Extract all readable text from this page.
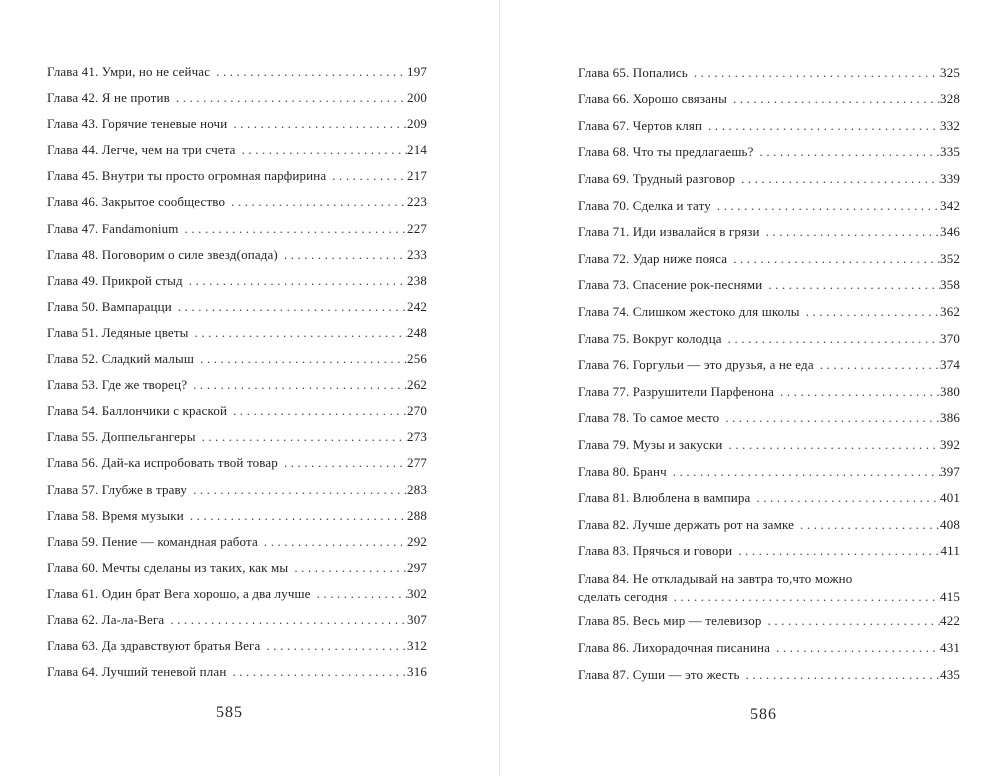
Глава 41. Умри, но не сейчас . . .	197
Глава 42. Я не против . . .	200
Глава 43. Горячие теневые ночи . . .	209
Глава 44. Легче, чем на три счета . . .	214
Глава 45. Внутри ты просто огромная парфирина . . .	217
Глава 46. Закрытое сообщество . . .	223
Глава 47. Fandamonium . . .	227
Глава 48. Поговорим о силе звезд(опада) . . .	233
Глава 49. Прикрой стыд . . .	238
Глава 50. Вампарацци . . .	242
Глава 51. Ледяные цветы . . .	248
Глава 52. Сладкий малыш . . .	256
Глава 53. Где же творец? . . .	262
Глава 54. Баллончики с краской . . .	270
Глава 55. Доппельгангеры . . .	273
Глава 56. Дай-ка испробовать твой товар . . .	277
Глава 57. Глубже в траву . . .	283
Глава 58. Время музыки . . .	288
Глава 59. Пение — командная работа . . .	292
Глава 60. Мечты сделаны из таких, как мы . . .	297
Глава 61. Один брат Вега хорошо, а два лучше . . .	302
Глава 62. Ла-ла-Вега . . .	307
Глава 63. Да здравствуют братья Вега . . .	312
Глава 64. Лучший теневой план . . .	316
585
Глава 65. Попались . . .	325
Глава 66. Хорошо связаны . . .	328
Глава 67. Чертов кляп . . .	332
Глава 68. Что ты предлагаешь? . . .	335
Глава 69. Трудный разговор . . .	339
Глава 70. Сделка и тату . . .	342
Глава 71. Иди извалайся в грязи . . .	346
Глава 72. Удар ниже пояса . . .	352
Глава 73. Спасение рок-песнями . . .	358
Глава 74. Слишком жестоко для школы . . .	362
Глава 75. Вокруг колодца . . .	370
Глава 76. Горгульи — это друзья, а не еда . . .	374
Глава 77. Разрушители Парфенона . . .	380
Глава 78. То самое место . . .	386
Глава 79. Музы и закуски . . .	392
Глава 80. Бранч . . .	397
Глава 81. Влюблена в вампира . . .	401
Глава 82. Лучше держать рот на замке . . .	408
Глава 83. Прячься и говори . . .	411
Глава 84. Не откладывай на завтра то,что можно
сделать сегодня . . .	415
Глава 85. Весь мир — телевизор . . .	422
Глава 86. Лихорадочная писанина . . .	431
Глава 87. Суши — это жесть . . .	435
586
